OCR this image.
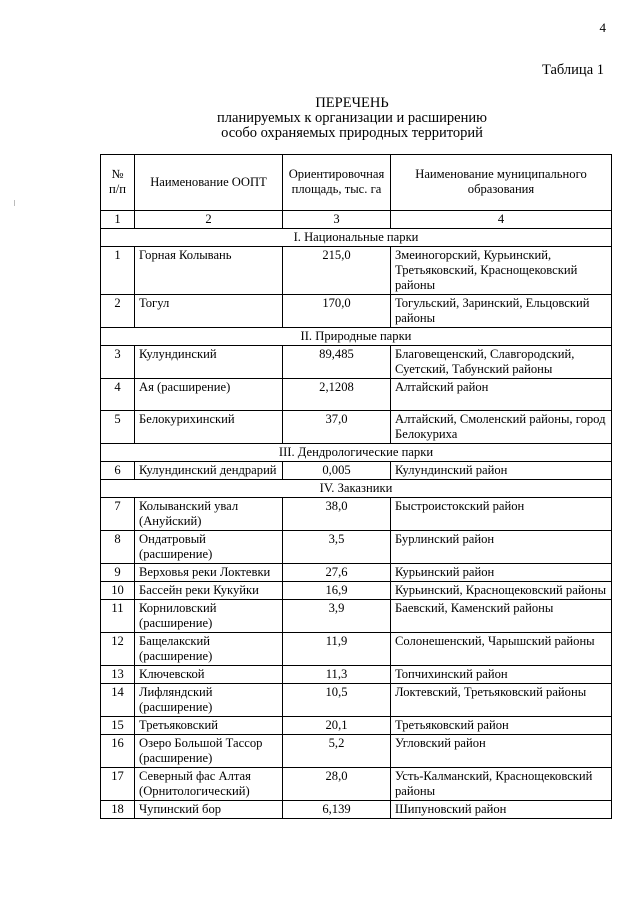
4
Таблица 1
ПЕРЕЧЕНЬ
планируемых к организации и расширению
особо охраняемых природных территорий
№ п/п	Наименование ООПТ	Ориентировочная площадь, тыс. га	Наименование муниципального образования
1	2	3	4
I. Национальные парки			
1	Горная Колывань	215,0	Змеиногорский, Курьинский, Третьяковский, Краснощековский районы
2	Тогул	170,0	Тогульский, Заринский, Ельцовский районы
II. Природные парки			
3	Кулундинский	89,485	Благовещенский, Славгородский, Суетский, Табунский районы
4	Ая (расширение)	2,1208	Алтайский район
5	Белокурихинский	37,0	Алтайский, Смоленский районы, город Белокуриха
III. Дендрологические парки			
6	Кулундинский дендрарий	0,005	Кулундинский район
IV. Заказники			
7	Колыванский увал (Ануйский)	38,0	Быстроистокский район
8	Ондатровый (расширение)	3,5	Бурлинский район
9	Верховья реки Локтевки	27,6	Курьинский район
10	Бассейн реки Кукуйки	16,9	Курьинский, Краснощековский районы
11	Корниловский (расширение)	3,9	Баевский, Каменский районы
12	Бащелакский (расширение)	11,9	Солонешенский, Чарышский районы
13	Ключевской	11,3	Топчихинский район
14	Лифляндский (расширение)	10,5	Локтевский, Третьяковский районы
15	Третьяковский	20,1	Третьяковский район
16	Озеро Большой Тассор (расширение)	5,2	Угловский район
17	Северный фас Алтая (Орнитологический)	28,0	Усть-Калманский, Краснощековский районы
18	Чупинский бор	6,139	Шипуновский район
